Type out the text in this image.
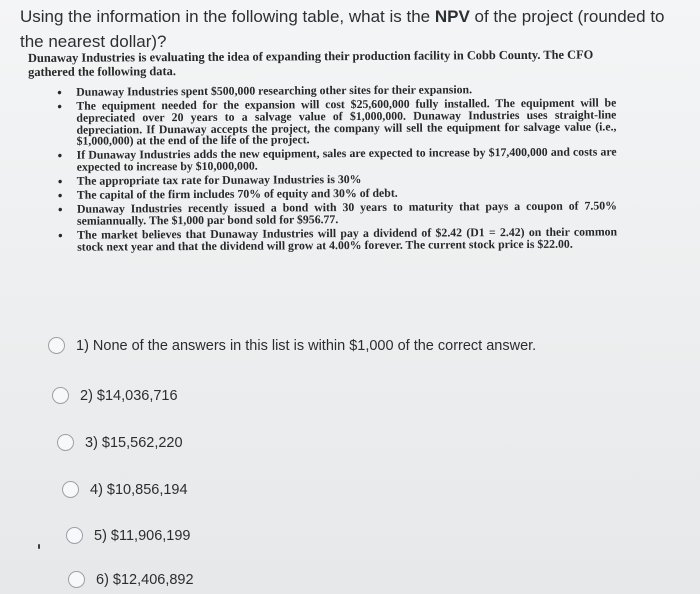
Using the information in the following table, what is the NPV of the project (rounded to the nearest dollar)?

Dunaway Industries is evaluating the idea of expanding their production facility in Cobb County. The CFO gathered the following data.

• Dunaway Industries spent $500,000 researching other sites for their expansion.
• The equipment needed for the expansion will cost $25,600,000 fully installed. The equipment will be depreciated over 20 years to a salvage value of $1,000,000. Dunaway Industries uses straight-line depreciation. If Dunaway accepts the project, the company will sell the equipment for salvage value (i.e., $1,000,000) at the end of the life of the project.
• If Dunaway Industries adds the new equipment, sales are expected to increase by $17,400,000 and costs are expected to increase by $10,000,000.
• The appropriate tax rate for Dunaway Industries is 30%
• The capital of the firm includes 70% of equity and 30% of debt.
• Dunaway Industries recently issued a bond with 30 years to maturity that pays a coupon of 7.50% semiannually. The $1,000 par bond sold for $956.77.
• The market believes that Dunaway Industries will pay a dividend of $2.42 (D1 = 2.42) on their common stock next year and that the dividend will grow at 4.00% forever. The current stock price is $22.00.
1) None of the answers in this list is within $1,000 of the correct answer.
2) $14,036,716
3) $15,562,220
4) $10,856,194
5) $11,906,199
6) $12,406,892
